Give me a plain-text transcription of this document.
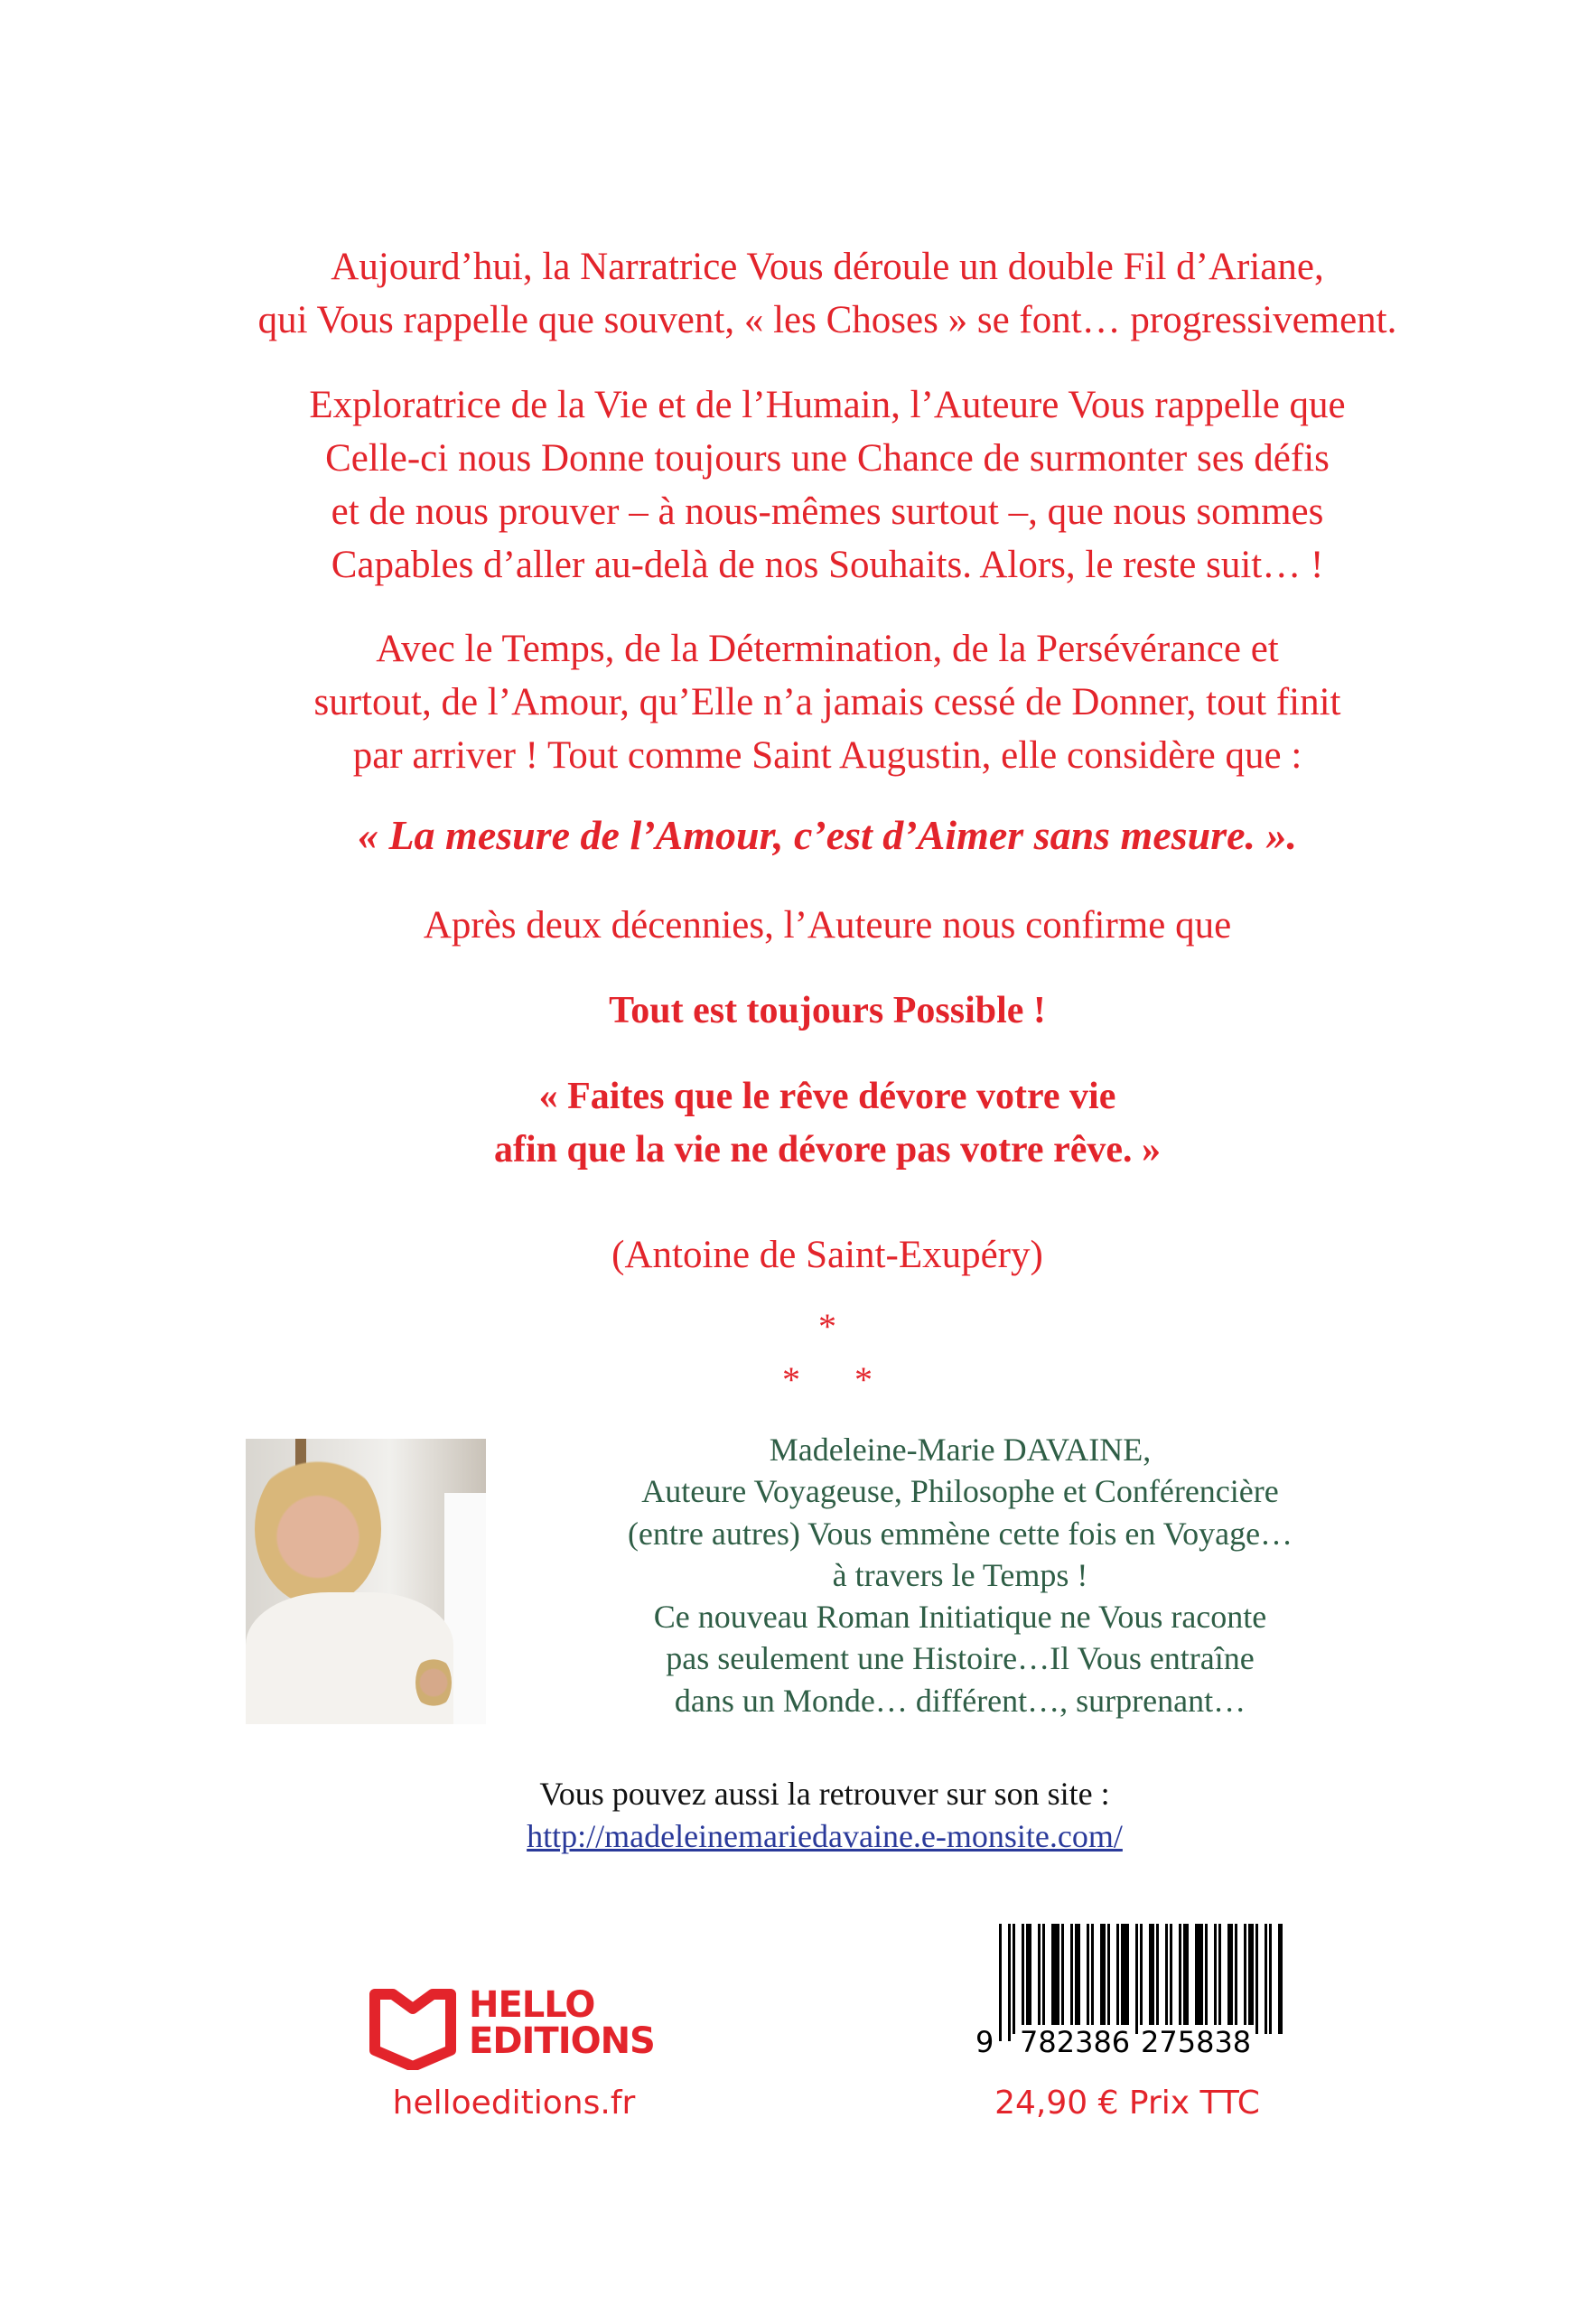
Aujourd’hui, la Narratrice Vous déroule un double Fil d’Ariane,
qui Vous rappelle que souvent, « les Choses » se font… progressivement.
Exploratrice de la Vie et de l’Humain, l’Auteure Vous rappelle que
Celle-ci nous Donne toujours une Chance de surmonter ses défis
et de nous prouver – à nous-mêmes surtout –, que nous sommes
Capables d’aller au-delà de nos Souhaits. Alors, le reste suit… !
Avec le Temps, de la Détermination, de la Persévérance et
surtout, de l’Amour, qu’Elle n’a jamais cessé de Donner, tout finit
par arriver ! Tout comme Saint Augustin, elle considère que :
« La mesure de l’Amour, c’est d’Aimer sans mesure. ».
Après deux décennies, l’Auteure nous confirme que
Tout est toujours Possible !
« Faites que le rêve dévore votre vie
afin que la vie ne dévore pas votre rêve. »
(Antoine de Saint-Exupéry)
*
* *
Madeleine-Marie DAVAINE,
Auteure Voyageuse, Philosophe et Conférencière
(entre autres) Vous emmène cette fois en Voyage…
à travers le Temps !
Ce nouveau Roman Initiatique ne Vous raconte
pas seulement une Histoire…Il Vous entraîne
dans un Monde… différent…, surprenant…
Vous pouvez aussi la retrouver sur son site :
http://madeleinemariedavaine.e-monsite.com/
HELLO
EDITIONS
helloeditions.fr
9 782386 275838
24,90 € Prix TTC
